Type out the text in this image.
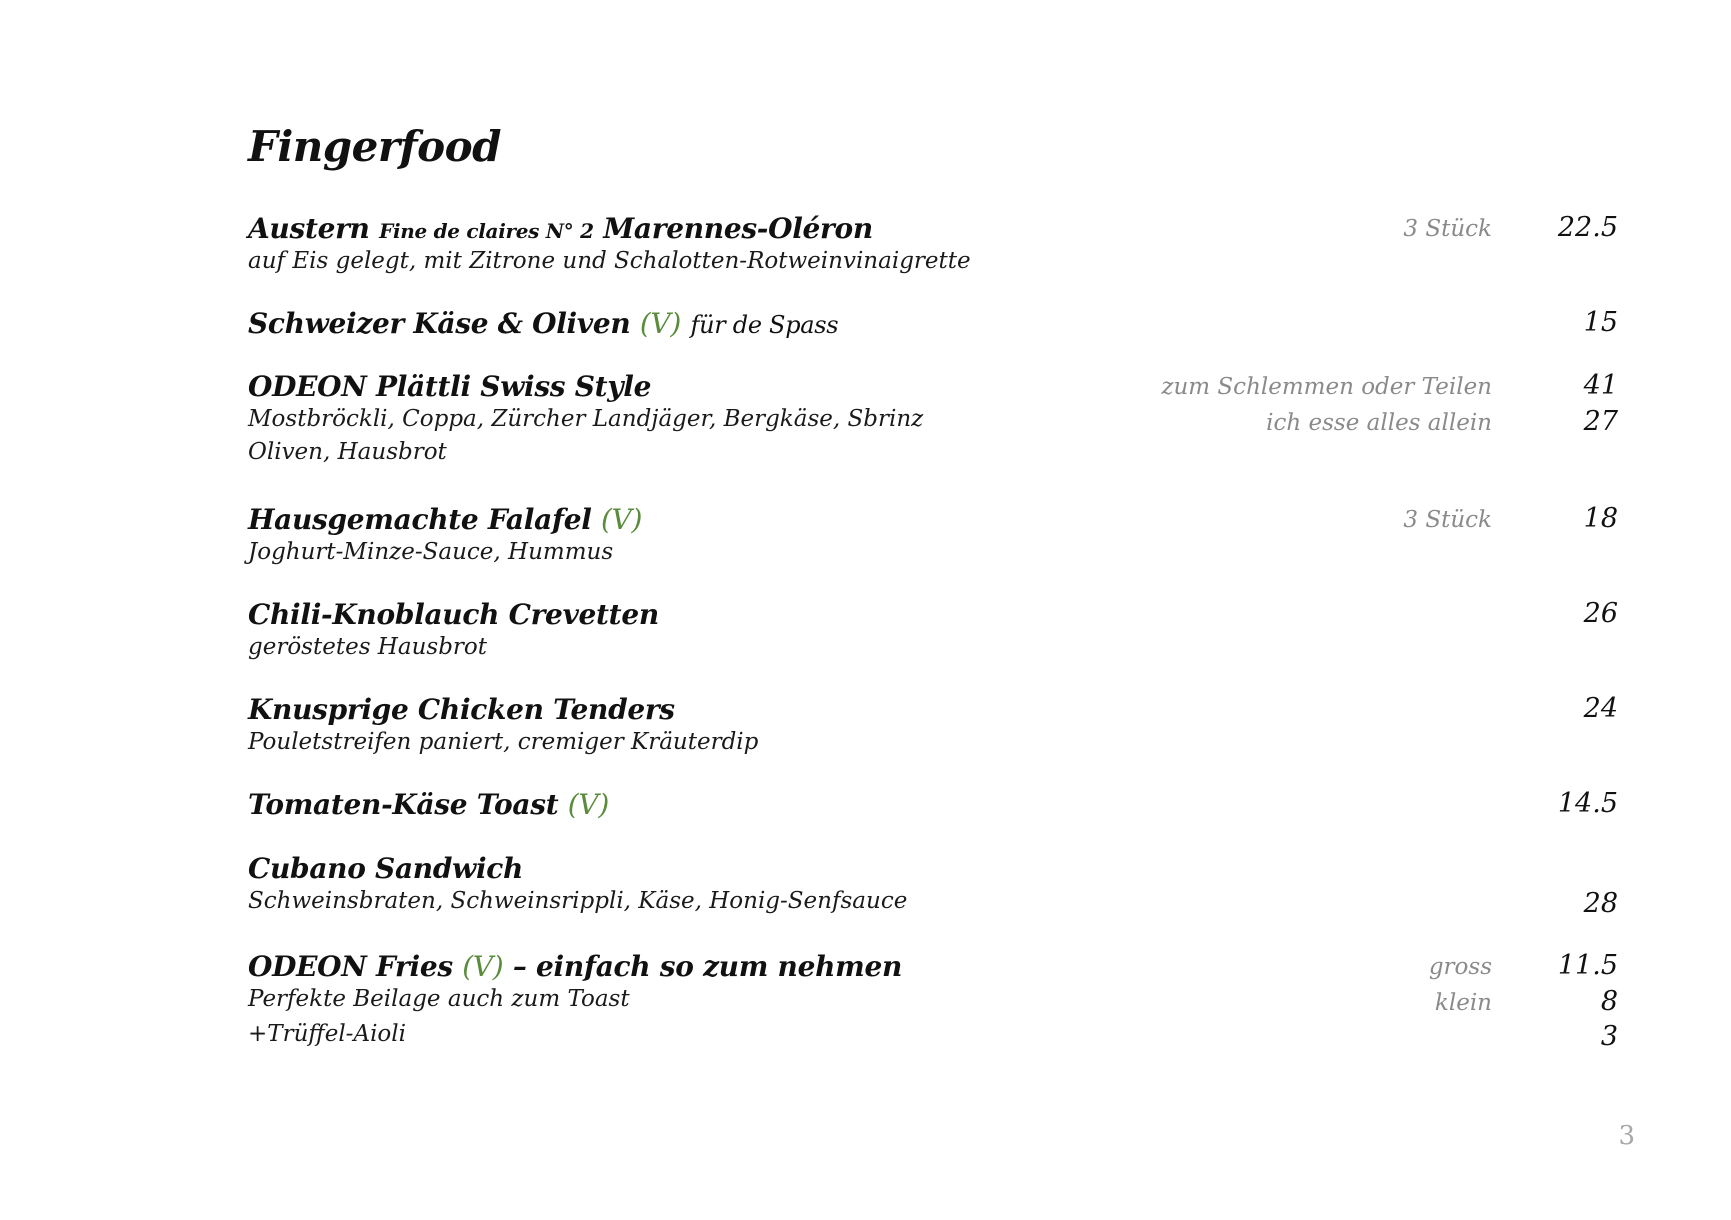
Fingerfood
Austern Fine de claires N° 2 Marennes-Oléron	3 Stück	22.5
auf Eis gelegt, mit Zitrone und Schalotten-Rotweinvinaigrette
Schweizer Käse & Oliven (V) für de Spass	15
ODEON Plättli Swiss Style	zum Schlemmen oder Teilen	41
Mostbröckli, Coppa, Zürcher Landjäger, Bergkäse, Sbrinz	ich esse alles allein	27
Oliven, Hausbrot
Hausgemachte Falafel (V)	3 Stück	18
Joghurt-Minze-Sauce, Hummus
Chili-Knoblauch Crevetten	26
geröstetes Hausbrot
Knusprige Chicken Tenders	24
Pouletstreifen paniert, cremiger Kräuterdip
Tomaten-Käse Toast (V)	14.5
Cubano Sandwich
Schweinsbraten, Schweinsrippli, Käse, Honig-Senfsauce	28
ODEON Fries (V) – einfach so zum nehmen	gross	11.5
Perfekte Beilage auch zum Toast	klein	8
+Trüffel-Aioli	3
3
